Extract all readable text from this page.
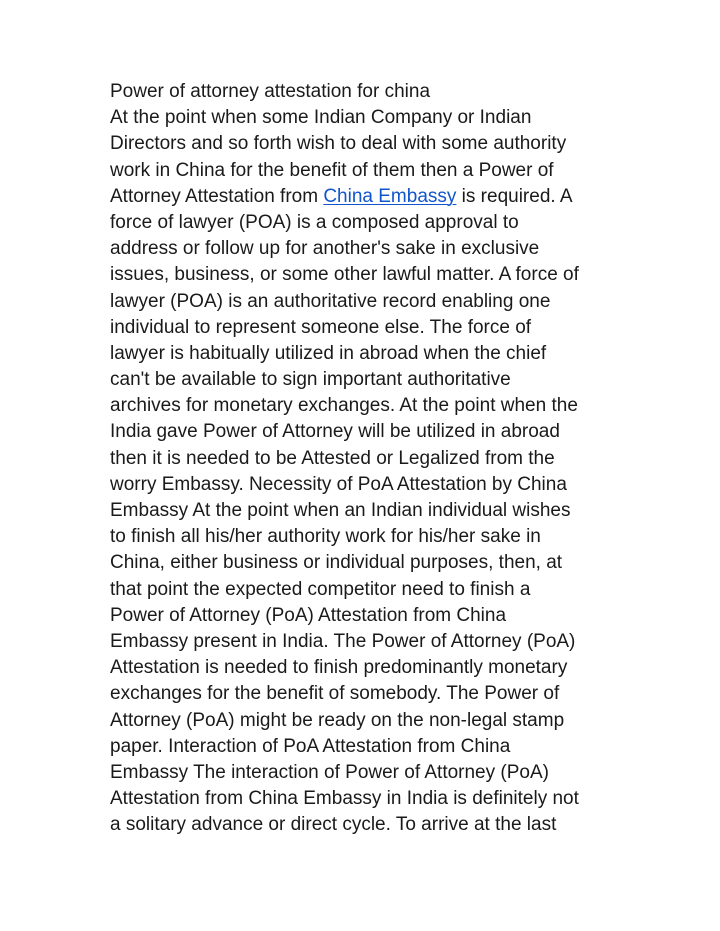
Power of attorney attestation for china
At the point when some Indian Company or Indian
Directors and so forth wish to deal with some authority
work in China for the benefit of them then a Power of
Attorney Attestation from China Embassy is required. A
force of lawyer (POA) is a composed approval to
address or follow up for another's sake in exclusive
issues, business, or some other lawful matter. A force of
lawyer (POA) is an authoritative record enabling one
individual to represent someone else. The force of
lawyer is habitually utilized in abroad when the chief
can't be available to sign important authoritative
archives for monetary exchanges. At the point when the
India gave Power of Attorney will be utilized in abroad
then it is needed to be Attested or Legalized from the
worry Embassy. Necessity of PoA Attestation by China
Embassy At the point when an Indian individual wishes
to finish all his/her authority work for his/her sake in
China, either business or individual purposes, then, at
that point the expected competitor need to finish a
Power of Attorney (PoA) Attestation from China
Embassy present in India. The Power of Attorney (PoA)
Attestation is needed to finish predominantly monetary
exchanges for the benefit of somebody. The Power of
Attorney (PoA) might be ready on the non-legal stamp
paper. Interaction of PoA Attestation from China
Embassy The interaction of Power of Attorney (PoA)
Attestation from China Embassy in India is definitely not
a solitary advance or direct cycle. To arrive at the last
